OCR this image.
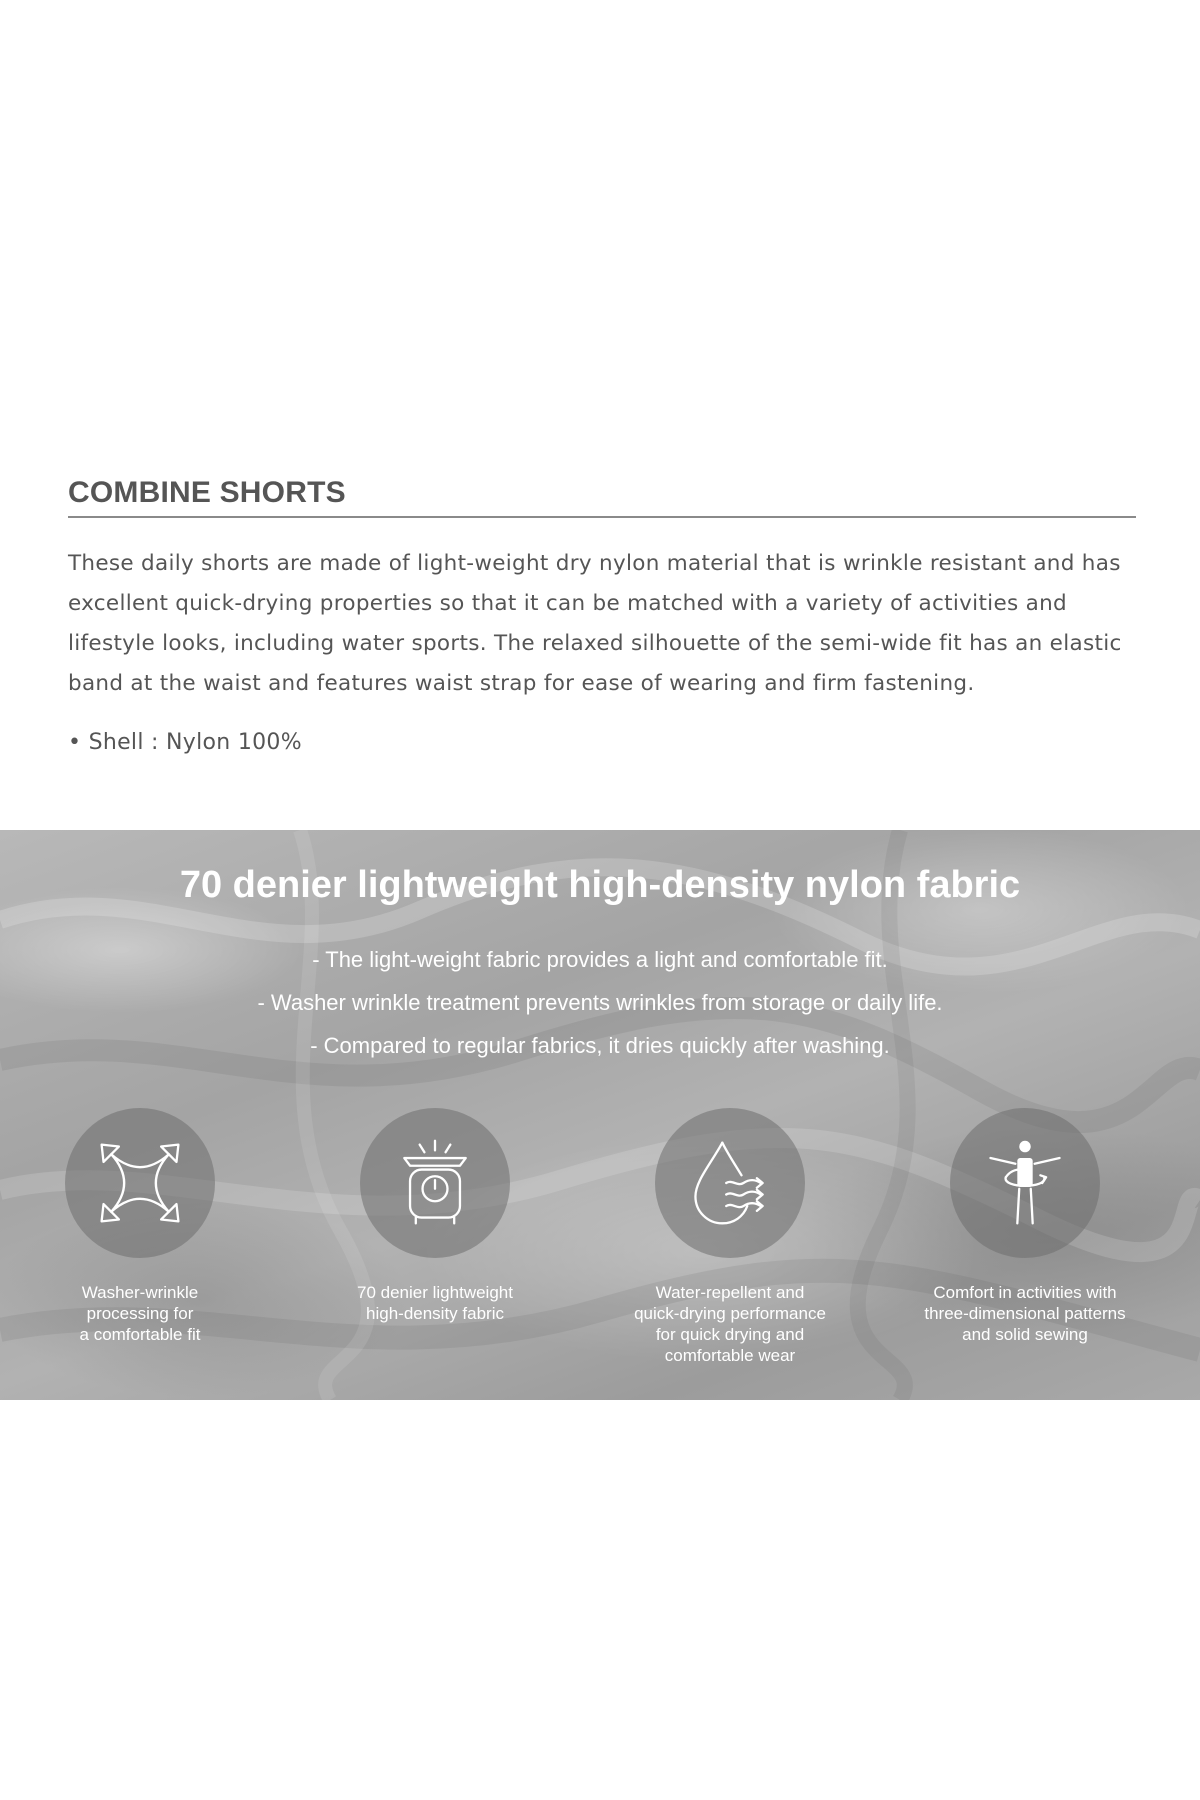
COMBINE SHORTS

These daily shorts are made of light-weight dry nylon material that is wrinkle resistant and has excellent quick-drying properties so that it can be matched with a variety of activities and lifestyle looks, including water sports. The relaxed silhouette of the semi-wide fit has an elastic band at the waist and features waist strap for ease of wearing and firm fastening.

• Shell : Nylon 100%

70 denier lightweight high-density nylon fabric
- The light-weight fabric provides a light and comfortable fit.
- Washer wrinkle treatment prevents wrinkles from storage or daily life.
- Compared to regular fabrics, it dries quickly after washing.
Washer-wrinkle
processing for
a comfortable fit
70 denier lightweight
high-density fabric
Water-repellent and
quick-drying performance
for quick drying and
comfortable wear
Comfort in activities with
three-dimensional patterns
and solid sewing
